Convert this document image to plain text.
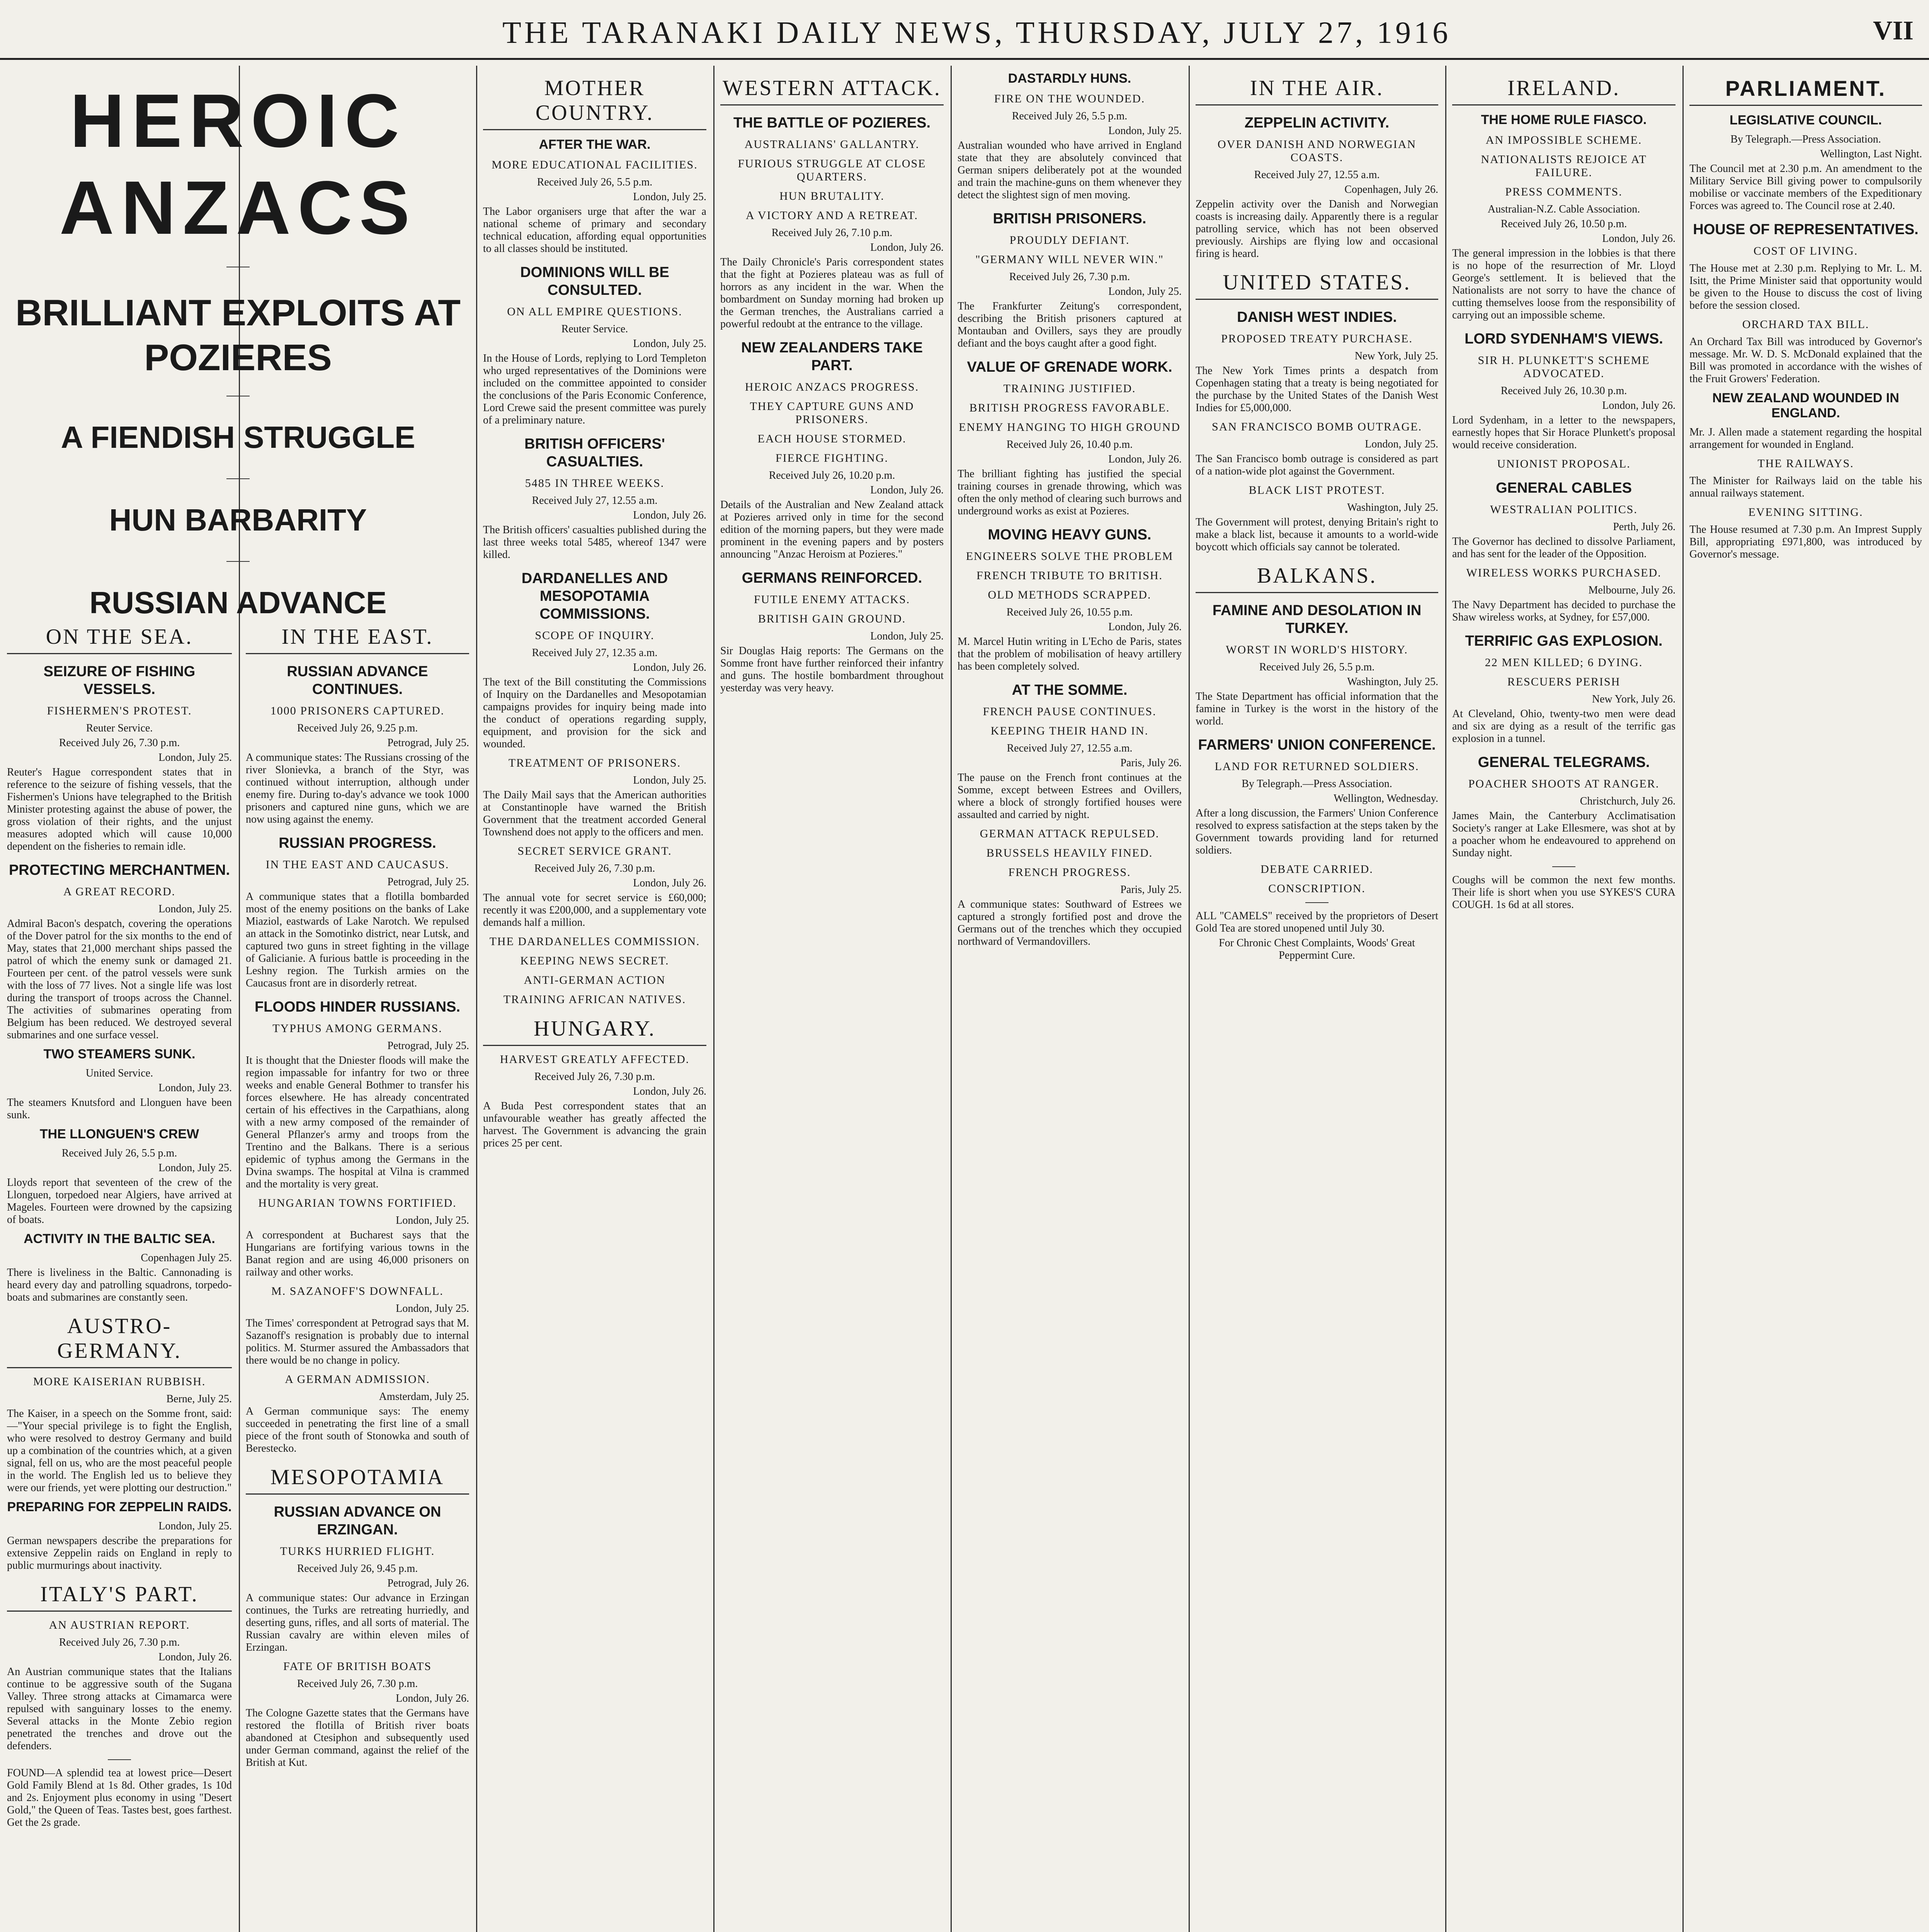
THE TARANAKI DAILY NEWS, THURSDAY, JULY 27, 1916	VII
HEROIC ANZACS
BRILLIANT EXPLOITS AT POZIERES
A FIENDISH STRUGGLE
HUN BARBARITY
RUSSIAN ADVANCE
ON THE SEA.
SEIZURE OF FISHING VESSELS.
FISHERMEN'S PROTEST.
Reuter Service.
Received July 26, 7.30 p.m.
London, July 25.
Reuter's Hague correspondent states that in reference to the seizure of fishing vessels, that the Fishermen's Unions have telegraphed to the British Minister protesting against the abuse of power, the gross violation of their rights, and the unjust measures adopted which will cause 10,000 dependent on the fisheries to remain idle.
PROTECTING MERCHANTMEN.
A GREAT RECORD.
London, July 25.
Admiral Bacon's despatch, covering the operations of the Dover patrol for the six months to the end of May, states that 21,000 merchant ships passed the patrol of which the enemy sunk or damaged 21. Fourteen per cent. of the patrol vessels were sunk with the loss of 77 lives. Not a single life was lost during the transport of troops across the Channel. The activities of submarines operating from Belgium has been reduced. We destroyed several submarines and one surface vessel.
TWO STEAMERS SUNK.
United Service.
London, July 23.
The steamers Knutsford and Llonguen have been sunk.
THE LLONGUEN'S CREW
Received July 26, 5.5 p.m.
London, July 25.
Lloyds report that seventeen of the crew of the Llonguen, torpedoed near Algiers, have arrived at Mageles. Fourteen were drowned by the capsizing of boats.
ACTIVITY IN THE BALTIC SEA.
Copenhagen July 25.
There is liveliness in the Baltic. Cannonading is heard every day and patrolling squadrons, torpedo-boats and submarines are constantly seen.
AUSTRO-GERMANY.
MORE KAISERIAN RUBBISH.
Berne, July 25.
The Kaiser, in a speech on the Somme front, said:—"Your special privilege is to fight the English, who were resolved to destroy Germany and build up a combination of the countries which, at a given signal, fell on us, who are the most peaceful people in the world. The English led us to believe they were our friends, yet were plotting our destruction."
PREPARING FOR ZEPPELIN RAIDS.
London, July 25.
German newspapers describe the preparations for extensive Zeppelin raids on England in reply to public murmurings about inactivity.
ITALY'S PART.
AN AUSTRIAN REPORT.
Received July 26, 7.30 p.m.
London, July 26.
An Austrian communique states that the Italians continue to be aggressive south of the Sugana Valley. Three strong attacks at Cimamarca were repulsed with sanguinary losses to the enemy. Several attacks in the Monte Zebio region penetrated the trenches and drove out the defenders.
FOUND—A splendid tea at lowest price—Desert Gold Family Blend at 1s 8d. Other grades, 1s 10d and 2s. Enjoyment plus economy in using "Desert Gold," the Queen of Teas. Tastes best, goes farthest. Get the 2s grade.
IN THE EAST.
RUSSIAN ADVANCE CONTINUES.
1000 PRISONERS CAPTURED.
Received July 26, 9.25 p.m.
Petrograd, July 25.
A communique states: The Russians crossing of the river Slonievka, a branch of the Styr, was continued without interruption, although under enemy fire. During to-day's advance we took 1000 prisoners and captured nine guns, which we are now using against the enemy.
RUSSIAN PROGRESS.
IN THE EAST AND CAUCASUS.
Petrograd, July 25.
A communique states that a flotilla bombarded most of the enemy positions on the banks of Lake Miaziol, eastwards of Lake Narotch. We repulsed an attack in the Somotinko district, near Lutsk, and captured two guns in street fighting in the village of Galicianie. A furious battle is proceeding in the Leshny region. The Turkish armies on the Caucasus front are in disorderly retreat.
FLOODS HINDER RUSSIANS.
TYPHUS AMONG GERMANS.
Petrograd, July 25.
It is thought that the Dniester floods will make the region impassable for infantry for two or three weeks and enable General Bothmer to transfer his forces elsewhere. He has already concentrated certain of his effectives in the Carpathians, along with a new army composed of the remainder of General Pflanzer's army and troops from the Trentino and the Balkans. There is a serious epidemic of typhus among the Germans in the Dvina swamps. The hospital at Vilna is crammed and the mortality is very great.
HUNGARIAN TOWNS FORTIFIED.
London, July 25.
A correspondent at Bucharest says that the Hungarians are fortifying various towns in the Banat region and are using 46,000 prisoners on railway and other works.
M. SAZANOFF'S DOWNFALL.
London, July 25.
The Times' correspondent at Petrograd says that M. Sazanoff's resignation is probably due to internal politics. M. Sturmer assured the Ambassadors that there would be no change in policy.
A GERMAN ADMISSION.
Amsterdam, July 25.
A German communique says: The enemy succeeded in penetrating the first line of a small piece of the front south of Stonowka and south of Berestecko.
MESOPOTAMIA
RUSSIAN ADVANCE ON ERZINGAN.
TURKS HURRIED FLIGHT.
Received July 26, 9.45 p.m.
Petrograd, July 26.
A communique states: Our advance in Erzingan continues, the Turks are retreating hurriedly, and deserting guns, rifles, and all sorts of material. The Russian cavalry are within eleven miles of Erzingan.
FATE OF BRITISH BOATS
Received July 26, 7.30 p.m.
London, July 26.
The Cologne Gazette states that the Germans have restored the flotilla of British river boats abandoned at Ctesiphon and subsequently used under German command, against the relief of the British at Kut.
MOTHER COUNTRY.
AFTER THE WAR.
MORE EDUCATIONAL FACILITIES.
Received July 26, 5.5 p.m.
London, July 25.
The Labor organisers urge that after the war a national scheme of primary and secondary technical education, affording equal opportunities to all classes should be instituted.
DOMINIONS WILL BE CONSULTED.
ON ALL EMPIRE QUESTIONS.
Reuter Service.
London, July 25.
In the House of Lords, replying to Lord Templeton who urged representatives of the Dominions were included on the committee appointed to consider the conclusions of the Paris Economic Conference, Lord Crewe said the present committee was purely of a preliminary nature.
BRITISH OFFICERS' CASUALTIES.
5485 IN THREE WEEKS.
Received July 27, 12.55 a.m.
London, July 26.
The British officers' casualties published during the last three weeks total 5485, whereof 1347 were killed.
DARDANELLES AND MESOPOTAMIA COMMISSIONS.
SCOPE OF INQUIRY.
Received July 27, 12.35 a.m.
London, July 26.
The text of the Bill constituting the Commissions of Inquiry on the Dardanelles and Mesopotamian campaigns provides for inquiry being made into the conduct of operations regarding supply, equipment, and provision for the sick and wounded.
TREATMENT OF PRISONERS.
London, July 25.
The Daily Mail says that the American authorities at Constantinople have warned the British Government that the treatment accorded General Townshend does not apply to the officers and men.
SECRET SERVICE GRANT.
Received July 26, 7.30 p.m.
London, July 26.
The annual vote for secret service is £60,000; recently it was £200,000, and a supplementary vote demands half a million.
THE DARDANELLES COMMISSION.
KEEPING NEWS SECRET.
ANTI-GERMAN ACTION
TRAINING AFRICAN NATIVES.
HUNGARY.
HARVEST GREATLY AFFECTED.
Received July 26, 7.30 p.m.
London, July 26.
A Buda Pest correspondent states that an unfavourable weather has greatly affected the harvest. The Government is advancing the grain prices 25 per cent.
WESTERN ATTACK.
THE BATTLE OF POZIERES.
AUSTRALIANS' GALLANTRY.
FURIOUS STRUGGLE AT CLOSE QUARTERS.
HUN BRUTALITY.
A VICTORY AND A RETREAT.
Received July 26, 7.10 p.m.
London, July 26.
The Daily Chronicle's Paris correspondent states that the fight at Pozieres plateau was as full of horrors as any incident in the war. When the bombardment on Sunday morning had broken up the German trenches, the Australians carried a powerful redoubt at the entrance to the village.
NEW ZEALANDERS TAKE PART.
HEROIC ANZACS PROGRESS.
THEY CAPTURE GUNS AND PRISONERS.
EACH HOUSE STORMED.
FIERCE FIGHTING.
Received July 26, 10.20 p.m.
London, July 26.
Details of the Australian and New Zealand attack at Pozieres arrived only in time for the second edition of the morning papers, but they were made prominent in the evening papers and by posters announcing "Anzac Heroism at Pozieres."
GERMANS REINFORCED.
FUTILE ENEMY ATTACKS.
BRITISH GAIN GROUND.
London, July 25.
Sir Douglas Haig reports: The Germans on the Somme front have further reinforced their infantry and guns. The hostile bombardment throughout yesterday was very heavy.
DASTARDLY HUNS.
FIRE ON THE WOUNDED.
Received July 26, 5.5 p.m.
London, July 25.
Australian wounded who have arrived in England state that they are absolutely convinced that German snipers deliberately pot at the wounded and train the machine-guns on them whenever they detect the slightest sign of men moving.
BRITISH PRISONERS.
PROUDLY DEFIANT.
"GERMANY WILL NEVER WIN."
Received July 26, 7.30 p.m.
London, July 25.
The Frankfurter Zeitung's correspondent, describing the British prisoners captured at Montauban and Ovillers, says they are proudly defiant and the boys caught after a good fight.
VALUE OF GRENADE WORK.
TRAINING JUSTIFIED.
BRITISH PROGRESS FAVORABLE.
ENEMY HANGING TO HIGH GROUND
Received July 26, 10.40 p.m.
London, July 26.
The brilliant fighting has justified the special training courses in grenade throwing, which was often the only method of clearing such burrows and underground works as exist at Pozieres.
MOVING HEAVY GUNS.
ENGINEERS SOLVE THE PROBLEM
FRENCH TRIBUTE TO BRITISH.
OLD METHODS SCRAPPED.
Received July 26, 10.55 p.m.
London, July 26.
M. Marcel Hutin writing in L'Echo de Paris, states that the problem of mobilisation of heavy artillery has been completely solved.
AT THE SOMME.
FRENCH PAUSE CONTINUES.
KEEPING THEIR HAND IN.
Received July 27, 12.55 a.m.
Paris, July 26.
The pause on the French front continues at the Somme, except between Estrees and Ovillers, where a block of strongly fortified houses were assaulted and carried by night.
GERMAN ATTACK REPULSED.
BRUSSELS HEAVILY FINED.
FRENCH PROGRESS.
Paris, July 25.
A communique states: Southward of Estrees we captured a strongly fortified post and drove the Germans out of the trenches which they occupied northward of Vermandovillers.
IN THE AIR.
ZEPPELIN ACTIVITY.
OVER DANISH AND NORWEGIAN COASTS.
Received July 27, 12.55 a.m.
Copenhagen, July 26.
Zeppelin activity over the Danish and Norwegian coasts is increasing daily. Apparently there is a regular patrolling service, which has not been observed previously. Airships are flying low and occasional firing is heard.
UNITED STATES.
DANISH WEST INDIES.
PROPOSED TREATY PURCHASE.
New York, July 25.
The New York Times prints a despatch from Copenhagen stating that a treaty is being negotiated for the purchase by the United States of the Danish West Indies for £5,000,000.
SAN FRANCISCO BOMB OUTRAGE.
London, July 25.
The San Francisco bomb outrage is considered as part of a nation-wide plot against the Government.
BLACK LIST PROTEST.
Washington, July 25.
The Government will protest, denying Britain's right to make a black list, because it amounts to a world-wide boycott which officials say cannot be tolerated.
BALKANS.
FAMINE AND DESOLATION IN TURKEY.
WORST IN WORLD'S HISTORY.
Received July 26, 5.5 p.m.
Washington, July 25.
The State Department has official information that the famine in Turkey is the worst in the history of the world.
FARMERS' UNION CONFERENCE.
LAND FOR RETURNED SOLDIERS.
By Telegraph.—Press Association.
Wellington, Wednesday.
After a long discussion, the Farmers' Union Conference resolved to express satisfaction at the steps taken by the Government towards providing land for returned soldiers.
DEBATE CARRIED.
CONSCRIPTION.
ALL "CAMELS" received by the proprietors of Desert Gold Tea are stored unopened until July 30.
For Chronic Chest Complaints, Woods' Great Peppermint Cure.
IRELAND.
THE HOME RULE FIASCO.
AN IMPOSSIBLE SCHEME.
NATIONALISTS REJOICE AT FAILURE.
PRESS COMMENTS.
Australian-N.Z. Cable Association.
Received July 26, 10.50 p.m.
London, July 26.
The general impression in the lobbies is that there is no hope of the resurrection of Mr. Lloyd George's settlement. It is believed that the Nationalists are not sorry to have the chance of cutting themselves loose from the responsibility of carrying out an impossible scheme.
LORD SYDENHAM'S VIEWS.
SIR H. PLUNKETT'S SCHEME ADVOCATED.
Received July 26, 10.30 p.m.
London, July 26.
Lord Sydenham, in a letter to the newspapers, earnestly hopes that Sir Horace Plunkett's proposal would receive consideration.
UNIONIST PROPOSAL.
GENERAL CABLES
WESTRALIAN POLITICS.
Perth, July 26.
The Governor has declined to dissolve Parliament, and has sent for the leader of the Opposition.
WIRELESS WORKS PURCHASED.
Melbourne, July 26.
The Navy Department has decided to purchase the Shaw wireless works, at Sydney, for £57,000.
TERRIFIC GAS EXPLOSION.
22 MEN KILLED; 6 DYING.
RESCUERS PERISH
New York, July 26.
At Cleveland, Ohio, twenty-two men were dead and six are dying as a result of the terrific gas explosion in a tunnel.
GENERAL TELEGRAMS.
POACHER SHOOTS AT RANGER.
Christchurch, July 26.
James Main, the Canterbury Acclimatisation Society's ranger at Lake Ellesmere, was shot at by a poacher whom he endeavoured to apprehend on Sunday night.
Coughs will be common the next few months. Their life is short when you use SYKES'S CURA COUGH. 1s 6d at all stores.
PARLIAMENT.
LEGISLATIVE COUNCIL.
By Telegraph.—Press Association.
Wellington, Last Night.
The Council met at 2.30 p.m. An amendment to the Military Service Bill giving power to compulsorily mobilise or vaccinate members of the Expeditionary Forces was agreed to. The Council rose at 2.40.
HOUSE OF REPRESENTATIVES.
COST OF LIVING.
The House met at 2.30 p.m. Replying to Mr. L. M. Isitt, the Prime Minister said that opportunity would be given to the House to discuss the cost of living before the session closed.
ORCHARD TAX BILL.
An Orchard Tax Bill was introduced by Governor's message. Mr. W. D. S. McDonald explained that the Bill was promoted in accordance with the wishes of the Fruit Growers' Federation.
NEW ZEALAND WOUNDED IN ENGLAND.
Mr. J. Allen made a statement regarding the hospital arrangement for wounded in England.
THE RAILWAYS.
The Minister for Railways laid on the table his annual railways statement.
EVENING SITTING.
The House resumed at 7.30 p.m. An Imprest Supply Bill, appropriating £971,800, was introduced by Governor's message.
